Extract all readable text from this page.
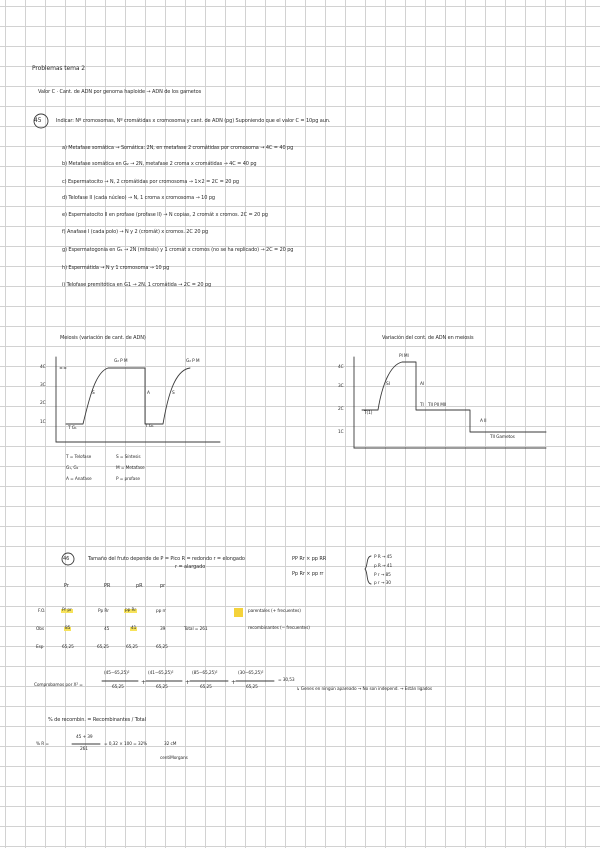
Problemas tema 2
Valor C · Cant. de ADN por genoma haploide → ADN de los gametos
45	Indicar: Nº cromosomas, Nº cromátidas x cromosoma y cant. de ADN (pg) Suponiendo que el valor C = 10pg aun.
a) Metafase somática → Somática: 2N, en metafase 2 cromátidas por cromosoma → 4C = 40 pg
b) Metafase somática en G₂ → 2N, metafase 2 croma x cromátidas → 4C = 40 pg
c) Espermatocito → N, 2 cromátidas por cromosoma → 1×2 = 2C = 20 pg
d) Telofase II (cada núcleo) → N, 1 croma x cromosoma → 10 pg
e) Espermatocito II en profase (profase II) → N copias, 2 cromát x cromos. 2C = 20 pg
f) Anafase I (cada polo) → N y 2 (cromát) x cromos. 2C 20 pg
g) Espermatogonia en G₁ → 2N (mitosis) y 1 cromát x cromos (no se ha replicado) → 2C = 20 pg
h) Espermátida → N y 1 cromosoma → 10 pg
i) Telofase premitótica en G1 → 2N, 1 cromátida → 2C = 20 pg
Meiosis (variación de cant. de ADN)
4C
3C
2C
1C
G₂ P M	G₂ P M
S	A	S
T G₁	T G₁
T = Telofase
G₁, G₂
A = Anafase
S = Síntesis
M = Metafase
P = profase
Variación del cont. de ADN en meiosis
4C
3C
2C
1C
PI MI
SI	AI
TII PII MII
TI
A II
TII Gametos
T(1)
46	Tamaño del fruto depende de P = Pico R = redondo r = elongado
r = alargado
PP Rr × pp RR
Pp Rr × pp rr
P R → 45
p R → 41
P r → 85
p r → 30
Pr	PR	pR	pr
F.O.	Pr pr	Pp Rr	pp Rr	pp rr
Obs	85	45	41	39	Total = 261
Esp	65,25	65,25	65,25	65,25
parentales (+ frecuentes)
recombinantes (− frecuentes)
Comprobamos por X² =
(45−65,25)²	(41−65,25)²	(85−65,25)²	(30−65,25)²
+	+	+
65,25	65,25	65,25	65,25
= 30,53
↳ Genes en ningún apareado → No son independ. → Están ligados
% de recombin. = Recombinantes / Total
% R =
45 + 39
261
= 0,32 × 100 = 32%	32 cM
centiMorgans
